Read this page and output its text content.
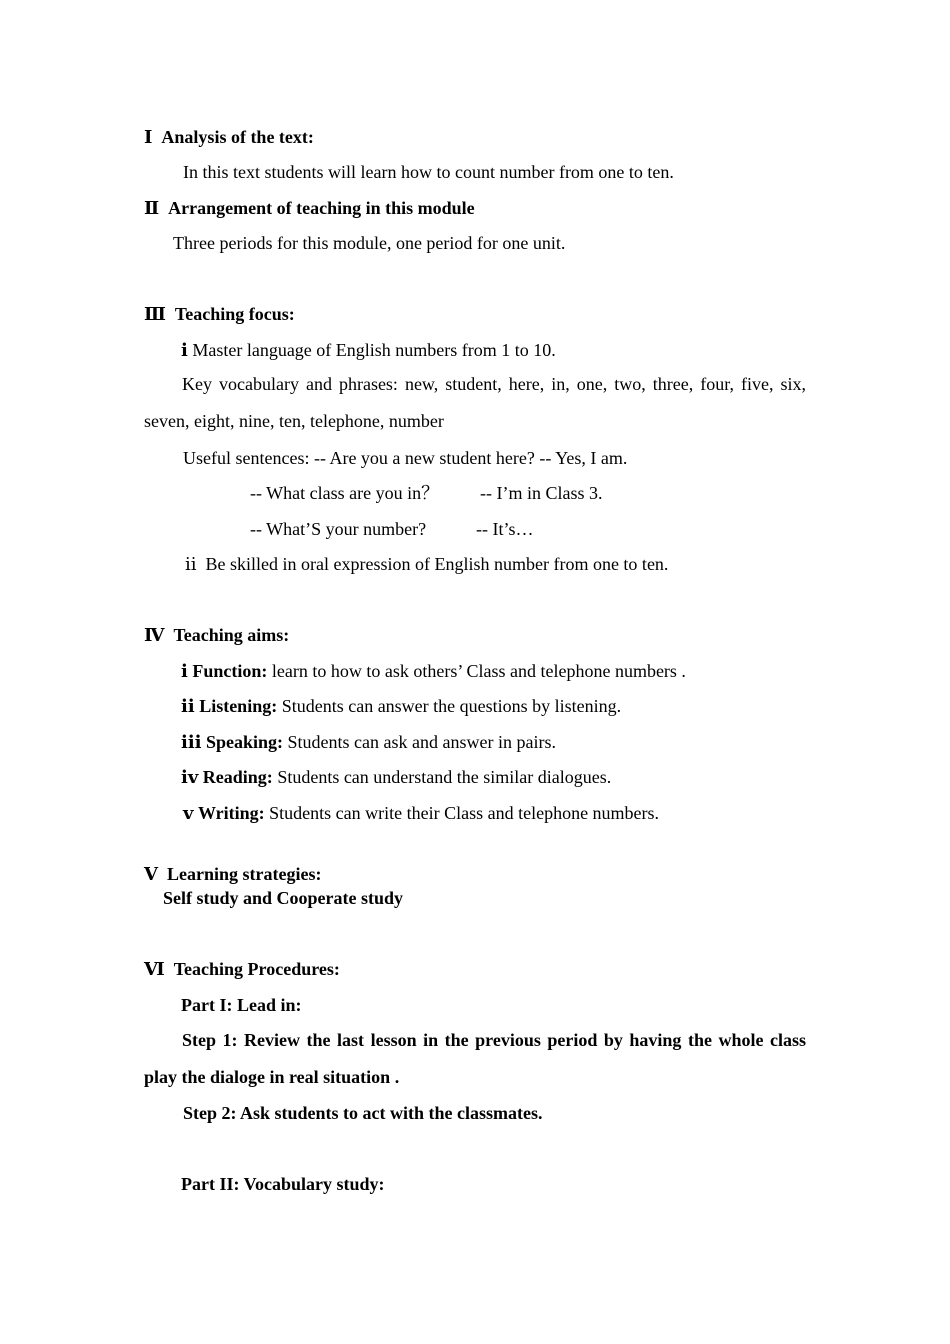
Ⅰ Analysis of the text:
In this text students will learn how to count number from one to ten.
Ⅱ Arrangement of teaching in this module
Three periods for this module, one period for one unit.
Ⅲ Teaching focus:
ⅰ Master language of English numbers from 1 to 10.
Key vocabulary and phrases: new, student, here, in, one, two, three, four, five, six, seven, eight, nine, ten, telephone, number
Useful sentences: -- Are you a new student here? -- Yes, I am.
-- What class are you in？ -- I’m in Class 3.
-- What’S your number?	-- It’s…
ⅱ Be skilled in oral expression of English number from one to ten.
Ⅳ Teaching aims:
ⅰ Function: learn to how to ask others’ Class and telephone numbers .
ⅱ Listening: Students can answer the questions by listening.
ⅲ Speaking: Students can ask and answer in pairs.
ⅳ Reading: Students can understand the similar dialogues.
ⅴ Writing: Students can write their Class and telephone numbers.
Ⅴ Learning strategies:
Self study and Cooperate study
Ⅵ Teaching Procedures:
Part I: Lead in:
Step 1: Review the last lesson in the previous period by having the whole class play the dialoge in real situation .
Step 2: Ask students to act with the classmates.
Part II: Vocabulary study:
